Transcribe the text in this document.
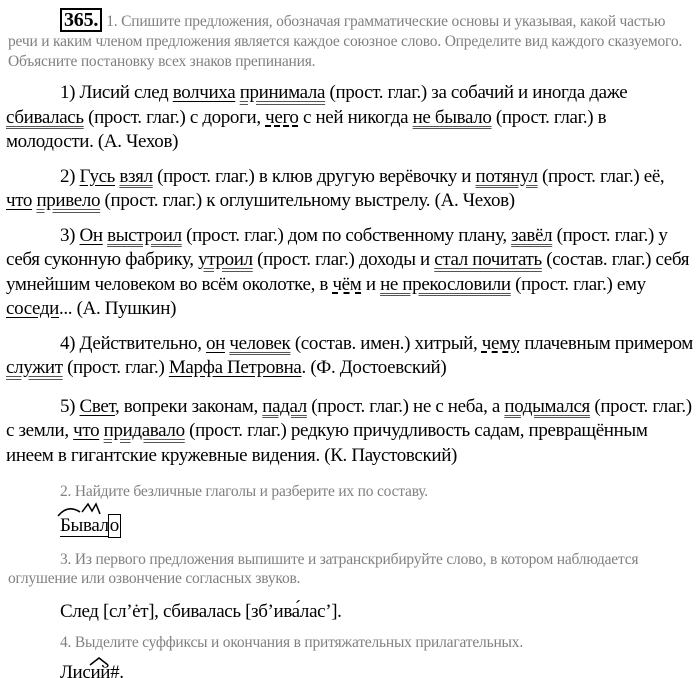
365. 1. Спишите предложения, обозначая грамматические основы и указывая, какой частью речи и каким членом предложения является каждое союзное слово. Определите вид каждого сказуемого. Объясните постановку всех знаков препинания.
1) Лисий след волчиха принимала (прост. глаг.) за собачий и иногда даже сбивалась (прост. глаг.) с дороги, чего с ней никогда не бывало (прост. глаг.) в молодости. (А. Чехов)
2) Гусь взял (прост. глаг.) в клюв другую верёвочку и потянул (прост. глаг.) её, что привело (прост. глаг.) к оглушительному выстрелу. (А. Чехов)
3) Он выстроил (прост. глаг.) дом по собственному плану, завёл (прост. глаг.) у себя суконную фабрику, утроил (прост. глаг.) доходы и стал почитать (состав. глаг.) себя умнейшим человеком во всём околотке, в чём и не прекословили (прост. глаг.) ему соседи... (А. Пушкин)
4) Действительно, он человек (состав. имен.) хитрый, чему плачевным примером служит (прост. глаг.) Марфа Петровна. (Ф. Достоевский)
5) Свет, вопреки законам, падал (прост. глаг.) не с неба, а подымался (прост. глаг.) с земли, что придавало (прост. глаг.) редкую причудливость садам, превращённым инеем в гигантские кружевные видения. (К. Паустовский)
2. Найдите безличные глаголы и разберите их по составу.
Бывало
3. Из первого предложения выпишите и затранскрибируйте слово, в котором наблюдается оглушение или озвончение согласных звуков.
След [сл’ėт], сбивалась [зб’ива́лас’].
4. Выделите суффиксы и окончания в притяжательных прилагательных.
Лис
ий#.
